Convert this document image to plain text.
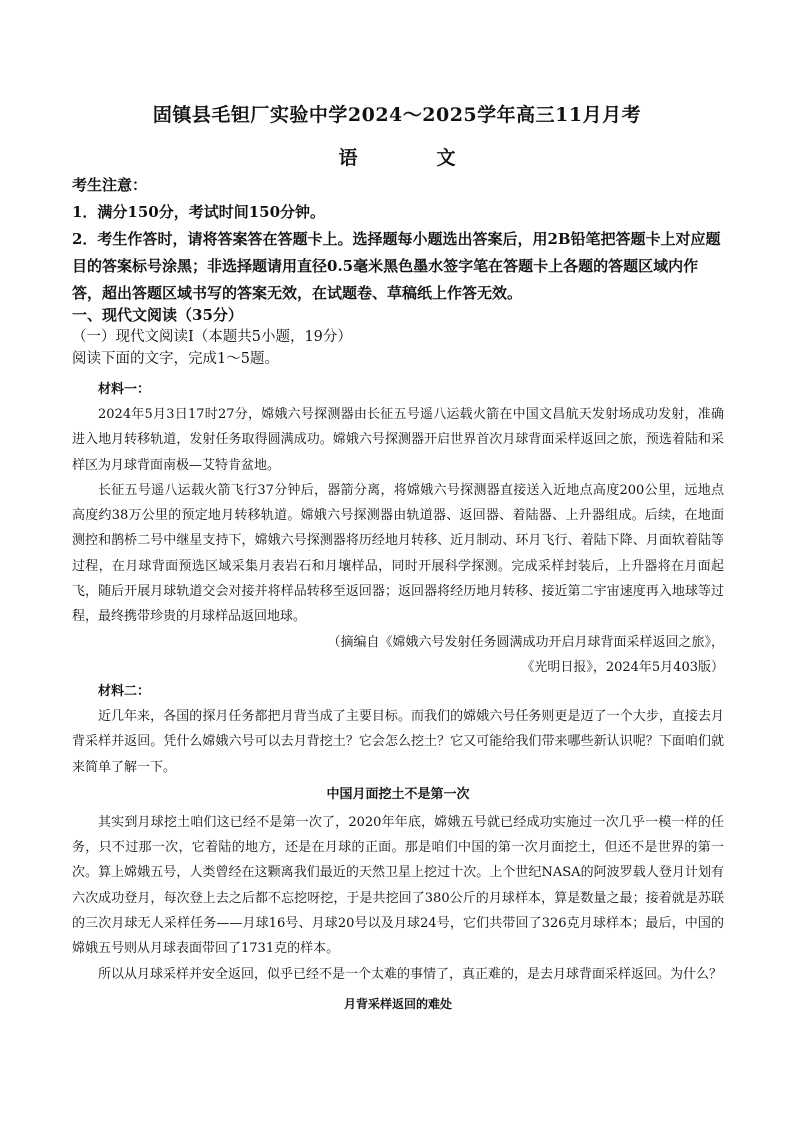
固镇县毛钽厂实验中学2024～2025学年高三11月月考
语　文

考生注意：

1．满分150分，考试时间150分钟。

2．考生作答时，请将答案答在答题卡上。选择题每小题选出答案后，用2B铅笔把答题卡上对应题目的答案标号涂黑；非选择题请用直径0.5毫米黑色墨水签字笔在答题卡上各题的答题区域内作答，超出答题区域书写的答案无效，在试题卷、草稿纸上作答无效。

一、现代文阅读（35分）

（一）现代文阅读Ⅰ（本题共5小题，19分）

阅读下面的文字，完成1～5题。

材料一：

2024年5月3日17时27分，嫦娥六号探测器由长征五号遥八运载火箭在中国文昌航天发射场成功发射，准确进入地月转移轨道，发射任务取得圆满成功。嫦娥六号探测器开启世界首次月球背面采样返回之旅，预选着陆和采样区为月球背面南极—艾特肯盆地。

长征五号遥八运载火箭飞行37分钟后，器箭分离，将嫦娥六号探测器直接送入近地点高度200公里，远地点高度约38万公里的预定地月转移轨道。嫦娥六号探测器由轨道器、返回器、着陆器、上升器组成。后续，在地面测控和鹊桥二号中继星支持下，嫦娥六号探测器将历经地月转移、近月制动、环月飞行、着陆下降、月面软着陆等过程，在月球背面预选区域采集月表岩石和月壤样品，同时开展科学探测。完成采样封装后，上升器将在月面起飞，随后开展月球轨道交会对接并将样品转移至返回器；返回器将经历地月转移、接近第二宇宙速度再入地球等过程，最终携带珍贵的月球样品返回地球。

（摘编自《嫦娥六号发射任务圆满成功开启月球背面采样返回之旅》，
《光明日报》，2024年5月403版）
材料二：

近几年来，各国的探月任务都把月背当成了主要目标。而我们的嫦娥六号任务则更是迈了一个大步，直接去月背采样并返回。凭什么嫦娥六号可以去月背挖土？它会怎么挖土？它又可能给我们带来哪些新认识呢？下面咱们就来简单了解一下。

中国月面挖土不是第一次

其实到月球挖土咱们这已经不是第一次了，2020年年底，嫦娥五号就已经成功实施过一次几乎一模一样的任务，只不过那一次，它着陆的地方，还是在月球的正面。那是咱们中国的第一次月面挖土，但还不是世界的第一次。算上嫦娥五号，人类曾经在这颗离我们最近的天然卫星上挖过十次。上个世纪NASA的阿波罗载人登月计划有六次成功登月，每次登上去之后都不忘挖呀挖，于是共挖回了380公斤的月球样本，算是数量之最；接着就是苏联的三次月球无人采样任务——月球16号、月球20号以及月球24号，它们共带回了326克月球样本；最后，中国的嫦娥五号则从月球表面带回了1731克的样本。

所以从月球采样并安全返回，似乎已经不是一个太难的事情了，真正难的，是去月球背面采样返回。为什么？

月背采样返回的难处
